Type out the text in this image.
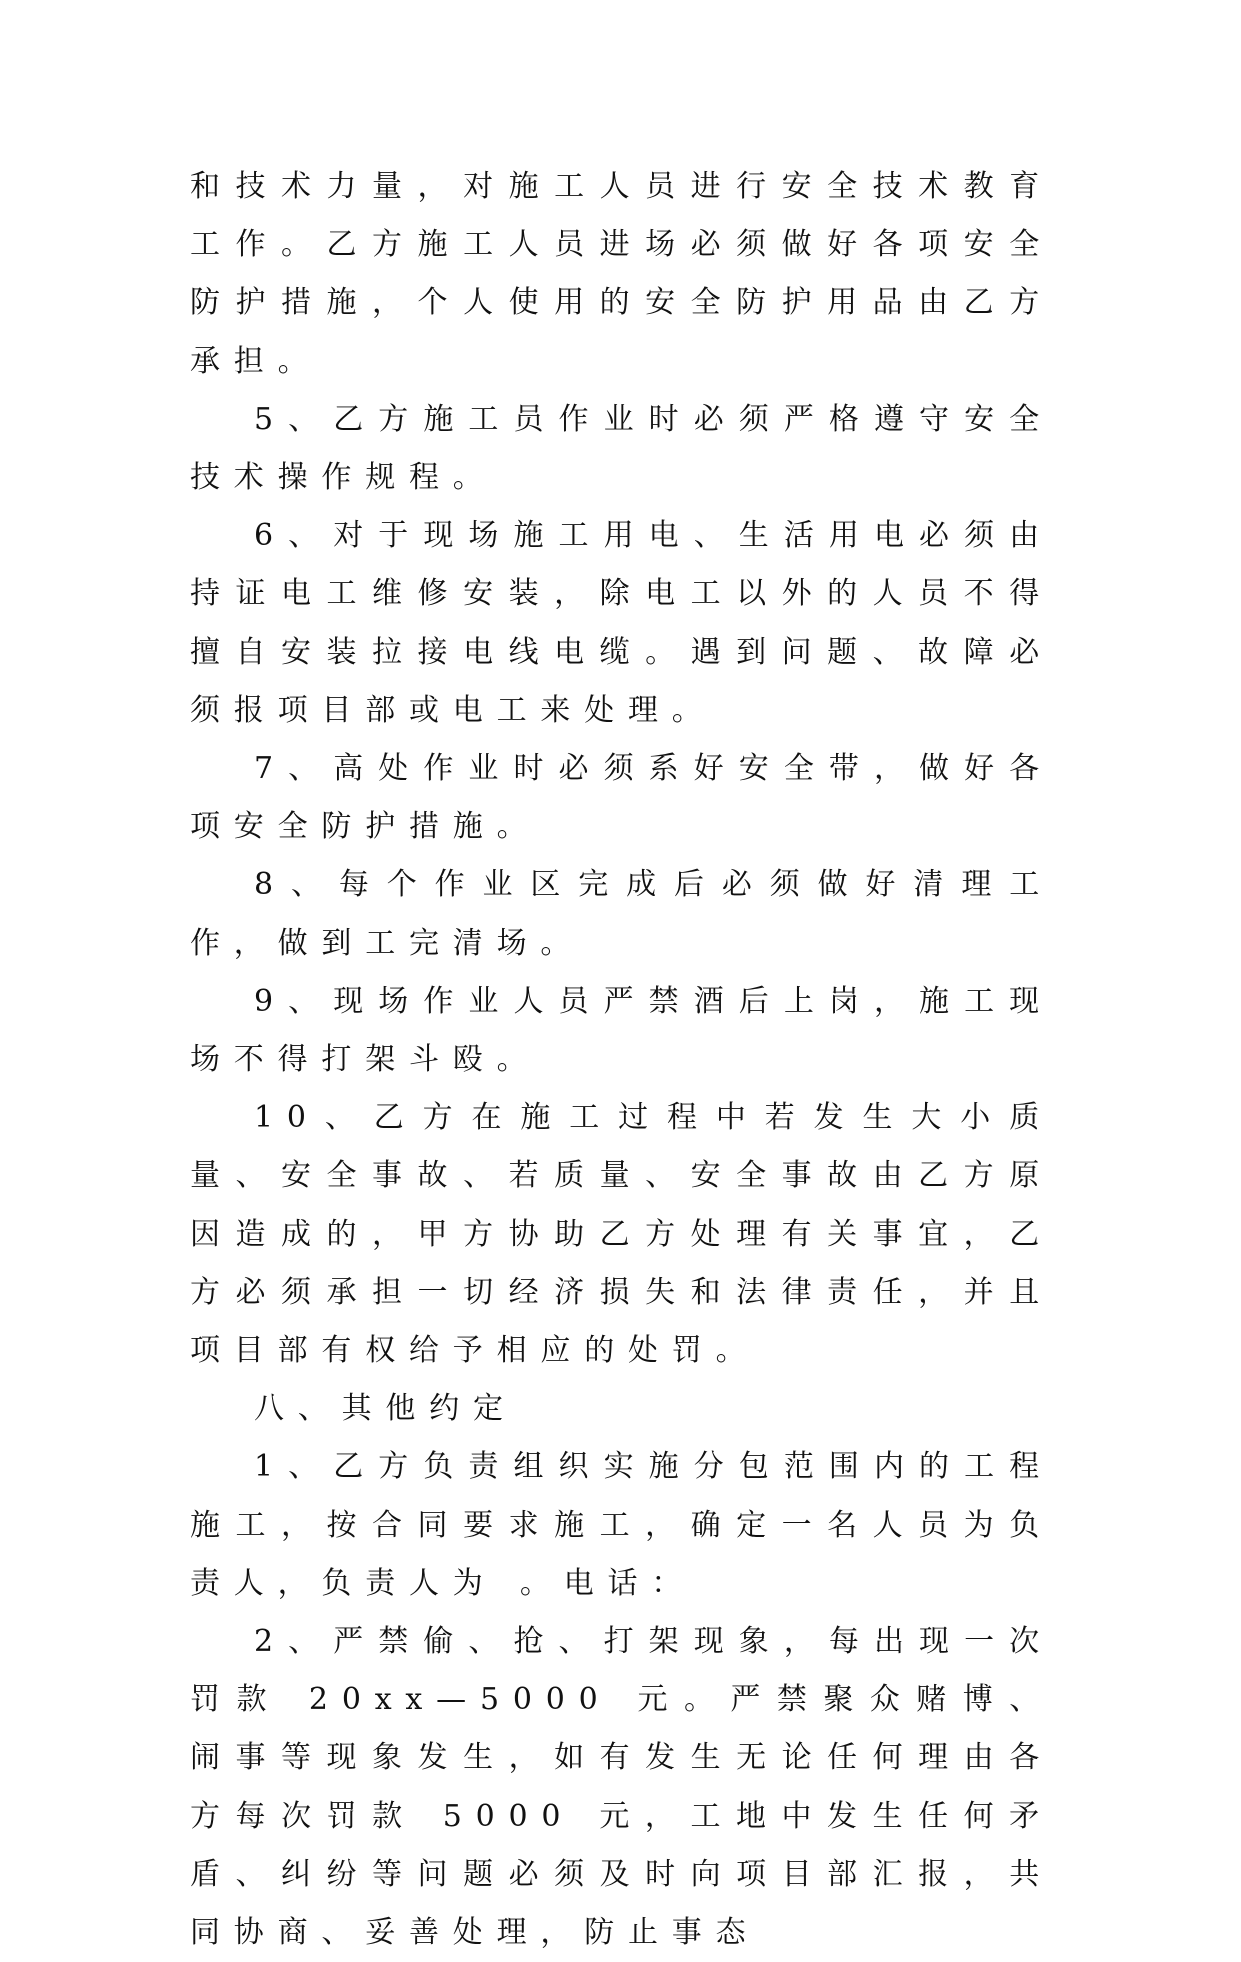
和技术力量，对施工人员进行安全技术教育工作。乙方施工人员进场必须做好各项安全防护措施，个人使用的安全防护用品由乙方承担。

5、乙方施工员作业时必须严格遵守安全技术操作规程。

6、对于现场施工用电、生活用电必须由持证电工维修安装，除电工以外的人员不得擅自安装拉接电线电缆。遇到问题、故障必须报项目部或电工来处理。

7、高处作业时必须系好安全带，做好各项安全防护措施。

8、每个作业区完成后必须做好清理工作，做到工完清场。

9、现场作业人员严禁酒后上岗，施工现场不得打架斗殴。

10、乙方在施工过程中若发生大小质量、安全事故、若质量、安全事故由乙方原因造成的，甲方协助乙方处理有关事宜，乙方必须承担一切经济损失和法律责任，并且项目部有权给予相应的处罚。

八、其他约定

1、乙方负责组织实施分包范围内的工程施工，按合同要求施工，确定一名人员为负责人，负责人为 。电话：

2、严禁偷、抢、打架现象，每出现一次罚款 20xx—5000 元。严禁聚众赌博、闹事等现象发生，如有发生无论任何理由各方每次罚款 5000 元，工地中发生任何矛盾、纠纷等问题必须及时向项目部汇报，共同协商、妥善处理，防止事态
